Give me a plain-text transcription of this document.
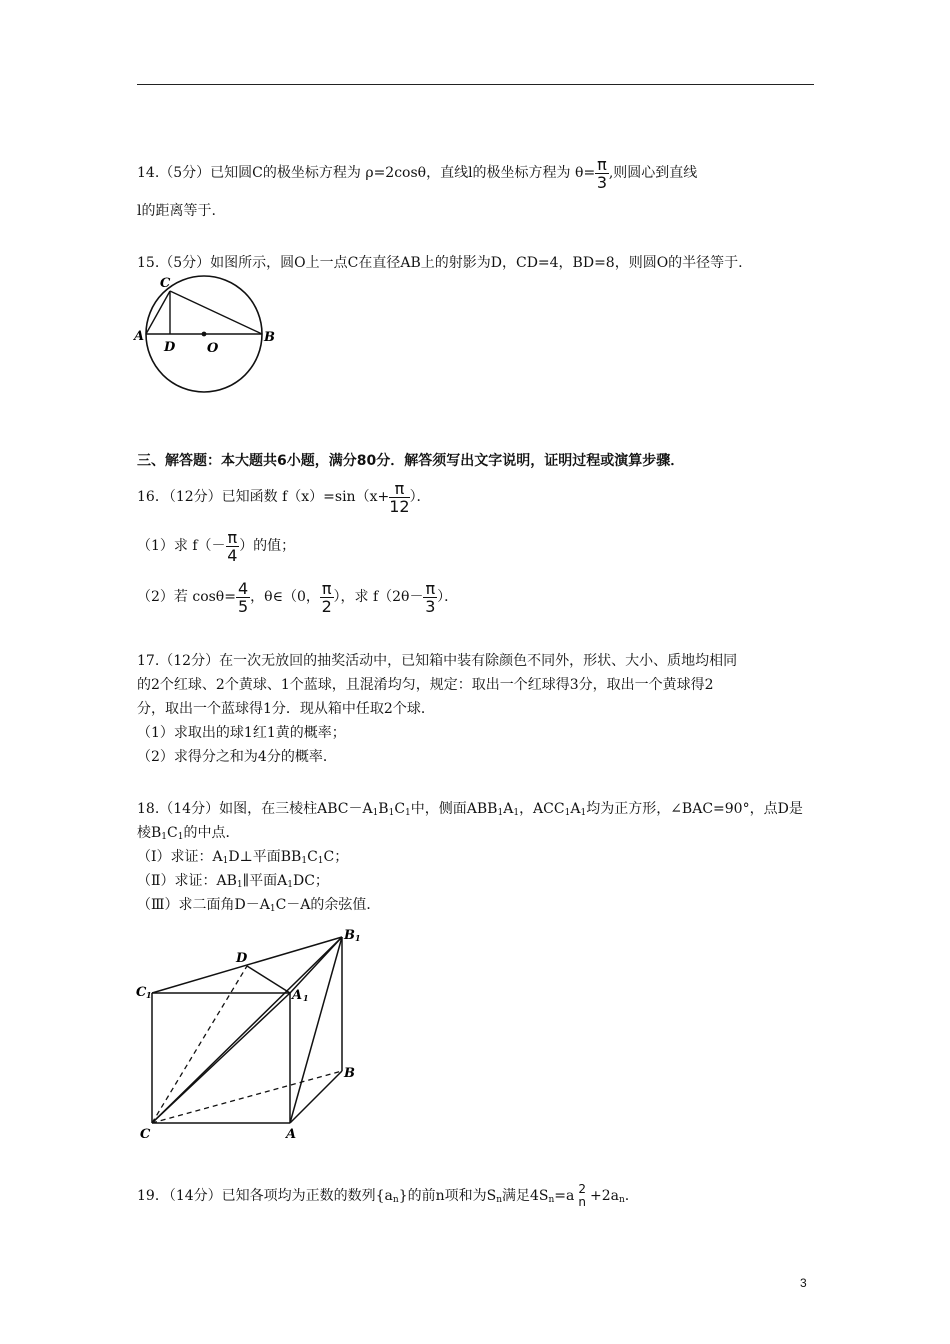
14.（5分）已知圆C的极坐标方程为 ρ=2cosθ，直线l的极坐标方程为 $\theta= \frac{\pi}{3}$ ,则圆心到直线
l的距离等于.
15.（5分）如图所示，圆O上一点C在直径AB上的射影为D，CD=4，BD=8，则圆O的半径等于.
C
A	B
D O
三、解答题：本大题共6小题，满分80分．解答须写出文字说明，证明过程或演算步骤．
16．（12分）已知函数 $f(x)=\sin(x+ \frac{\pi}{12}$ ）．
（1）求 $f(- \frac{\pi}{4}$ ）的值；
（2）若 $\cos\theta= \frac{4}{5}$ ，θ∈（0， $\frac{\pi}{2}$ ），求 $f(2\theta- \frac{\pi}{3}$ ）．
17.（12分）在一次无放回的抽奖活动中，已知箱中装有除颜色不同外，形状、大小、质地均相同
的2个红球、2个黄球、1个蓝球，且混淆均匀，规定：取出一个红球得3分，取出一个黄球得2
分，取出一个蓝球得1分．现从箱中任取2个球．
（1）求取出的球1红1黄的概率；
（2）求得分之和为4分的概率．
18.（14分）如图，在三棱柱$ABC-A_1B_1C_1$中，侧面$ABB_1A_1$，$ACC_1A_1$均为正方形，∠BAC=90°，点D是
棱$B_1C_1$的中点．
（Ⅰ）求证：$A_1D\perp$平面$BB_1C_1C$；
（Ⅱ）求证：$AB_1\parallel$平面$A_1DC$；
（Ⅲ）求二面角$D-A_1C-A$的余弦值．
B 1
D
C 1	A 1
B
C	A
19．（14分）已知各项均为正数的数列$\{a_n\}$的前n项和为$S_n$满足$4S_n=a$ 2
$n +2a_n$.
3
